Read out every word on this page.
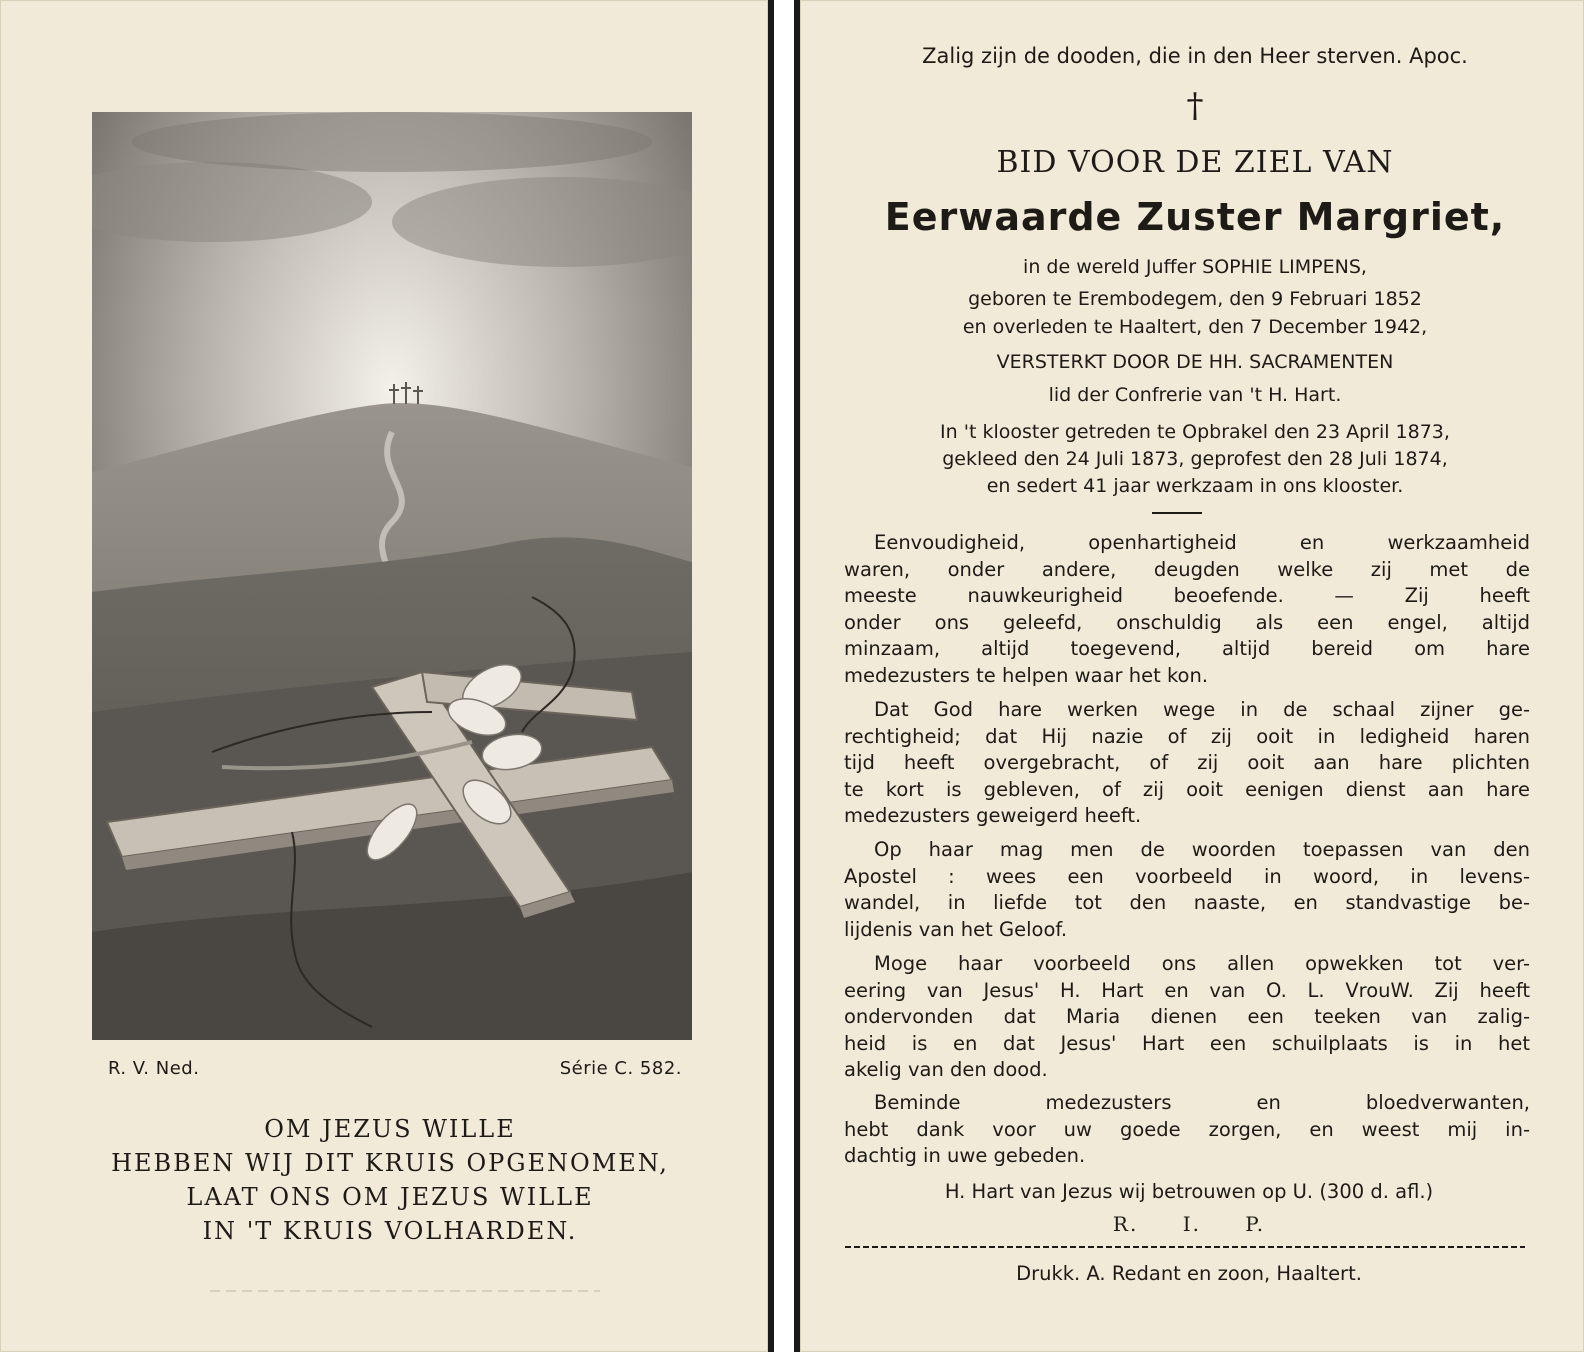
R. V. Ned.	Série C. 582.
OM JEZUS WILLE
HEBBEN WIJ DIT KRUIS OPGENOMEN,
LAAT ONS OM JEZUS WILLE
IN 'T KRUIS VOLHARDEN.
Zalig zijn de dooden, die in den Heer sterven. Apoc.
†
BID VOOR DE ZIEL VAN
Eerwaarde Zuster Margriet,
in de wereld Juffer SOPHIE LIMPENS,
geboren te Erembodegem, den 9 Februari 1852
en overleden te Haaltert, den 7 December 1942,
VERSTERKT DOOR DE HH. SACRAMENTEN
lid der Confrerie van 't H. Hart.
In 't klooster getreden te Opbrakel den 23 April 1873,
gekleed den 24 Juli 1873, geprofest den 28 Juli 1874,
en sedert 41 jaar werkzaam in ons klooster.
Eenvoudigheid, openhartigheid en werkzaamheid
waren, onder andere, deugden welke zij met de
meeste nauwkeurigheid beoefende. — Zij heeft
onder ons geleefd, onschuldig als een engel, altijd
minzaam, altijd toegevend, altijd bereid om hare
medezusters te helpen waar het kon.
Dat God hare werken wege in de schaal zijner ge-
rechtigheid; dat Hij nazie of zij ooit in ledigheid haren
tijd heeft overgebracht, of zij ooit aan hare plichten
te kort is gebleven, of zij ooit eenigen dienst aan hare
medezusters geweigerd heeft.
Op haar mag men de woorden toepassen van den
Apostel : wees een voorbeeld in woord, in levens-
wandel, in liefde tot den naaste, en standvastige be-
lijdenis van het Geloof.
Moge haar voorbeeld ons allen opwekken tot ver-
eering van Jesus' H. Hart en van O. L. VrouW. Zij heeft
ondervonden dat Maria dienen een teeken van zalig-
heid is en dat Jesus' Hart een schuilplaats is in het
akelig van den dood.
Beminde medezusters en bloedverwanten,
hebt dank voor uw goede zorgen, en weest mij in-
dachtig in uwe gebeden.
H. Hart van Jezus wij betrouwen op U. (300 d. afl.)
R. I. P.
Drukk. A. Redant en zoon, Haaltert.
